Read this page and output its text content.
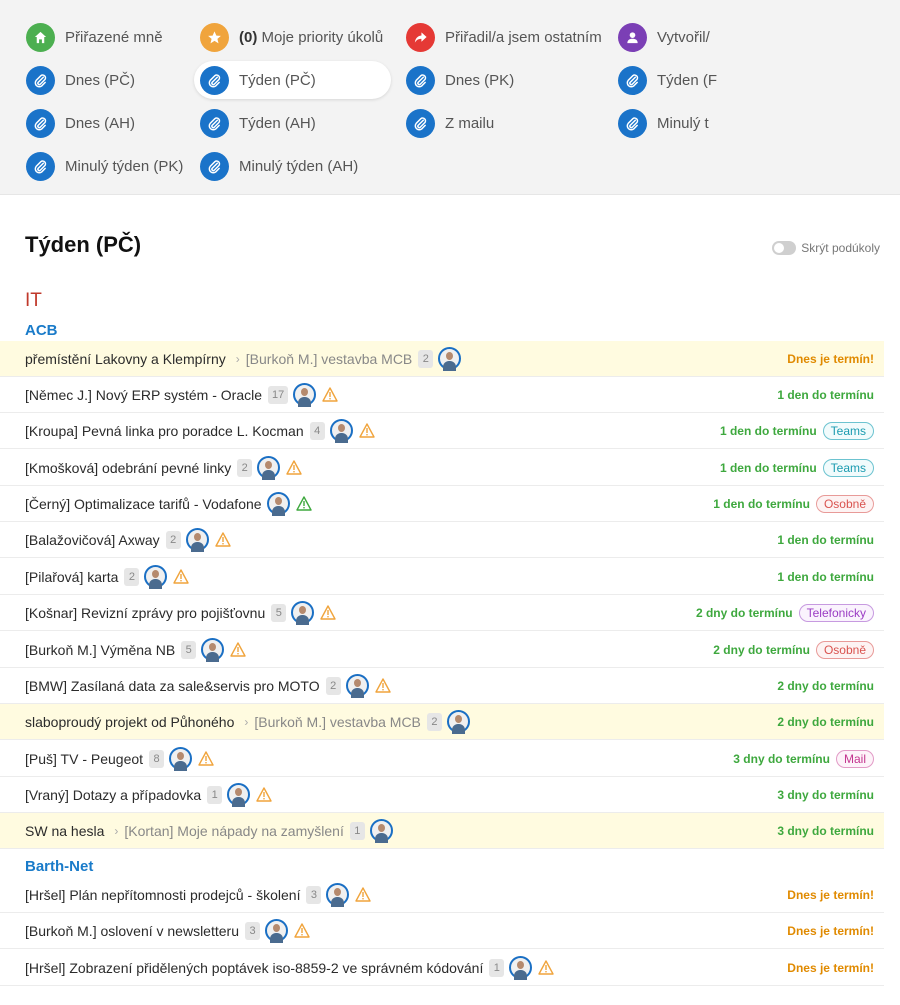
Přiřazené mně	(0) Moje priority úkolů	Přiřadil/a jsem ostatním	Vytvořil/
Dnes (PČ)	Týden (PČ)	Dnes (PK)	Týden (F
Dnes (AH)	Týden (AH)	Z mailu	Minulý t
Minulý týden (PK)	Minulý týden (AH)
Týden (PČ)	Skrýt podúkoly
IT
ACB
Barth-Net
přemístění Lakovny a Klempírny › [Burkoň M.] vestavba MCB 2	Dnes je termín!
[Němec J.] Nový ERP systém - Oracle 17	1 den do termínu
[Kroupa] Pevná linka pro poradce L. Kocman 4	1 den do termínu	Teams
[Kmošková] odebrání pevné linky 2	1 den do termínu	Teams
[Černý] Optimalizace tarifů - Vodafone	1 den do termínu	Osobně
[Balažovičová] Axway 2	1 den do termínu
[Pilařová] karta 2	1 den do termínu
[Košnar] Revizní zprávy pro pojišťovnu 5	2 dny do termínu	Telefonicky
[Burkoň M.] Výměna NB 5	2 dny do termínu	Osobně
[BMW] Zasílaná data za sale&servis pro MOTO 2	2 dny do termínu
slaboproudý projekt od Půhoného › [Burkoň M.] vestavba MCB 2	2 dny do termínu
[Puš] TV - Peugeot 8	3 dny do termínu	Mail
[Vraný] Dotazy a případovka 1	3 dny do termínu
SW na hesla › [Kortan] Moje nápady na zamyšlení 1	3 dny do termínu
[Hršel] Plán nepřítomnosti prodejců - školení 3	Dnes je termín!
[Burkoň M.] oslovení v newsletteru 3	Dnes je termín!
[Hršel] Zobrazení přidělených poptávek iso-8859-2 ve správném kódování 1	Dnes je termín!
